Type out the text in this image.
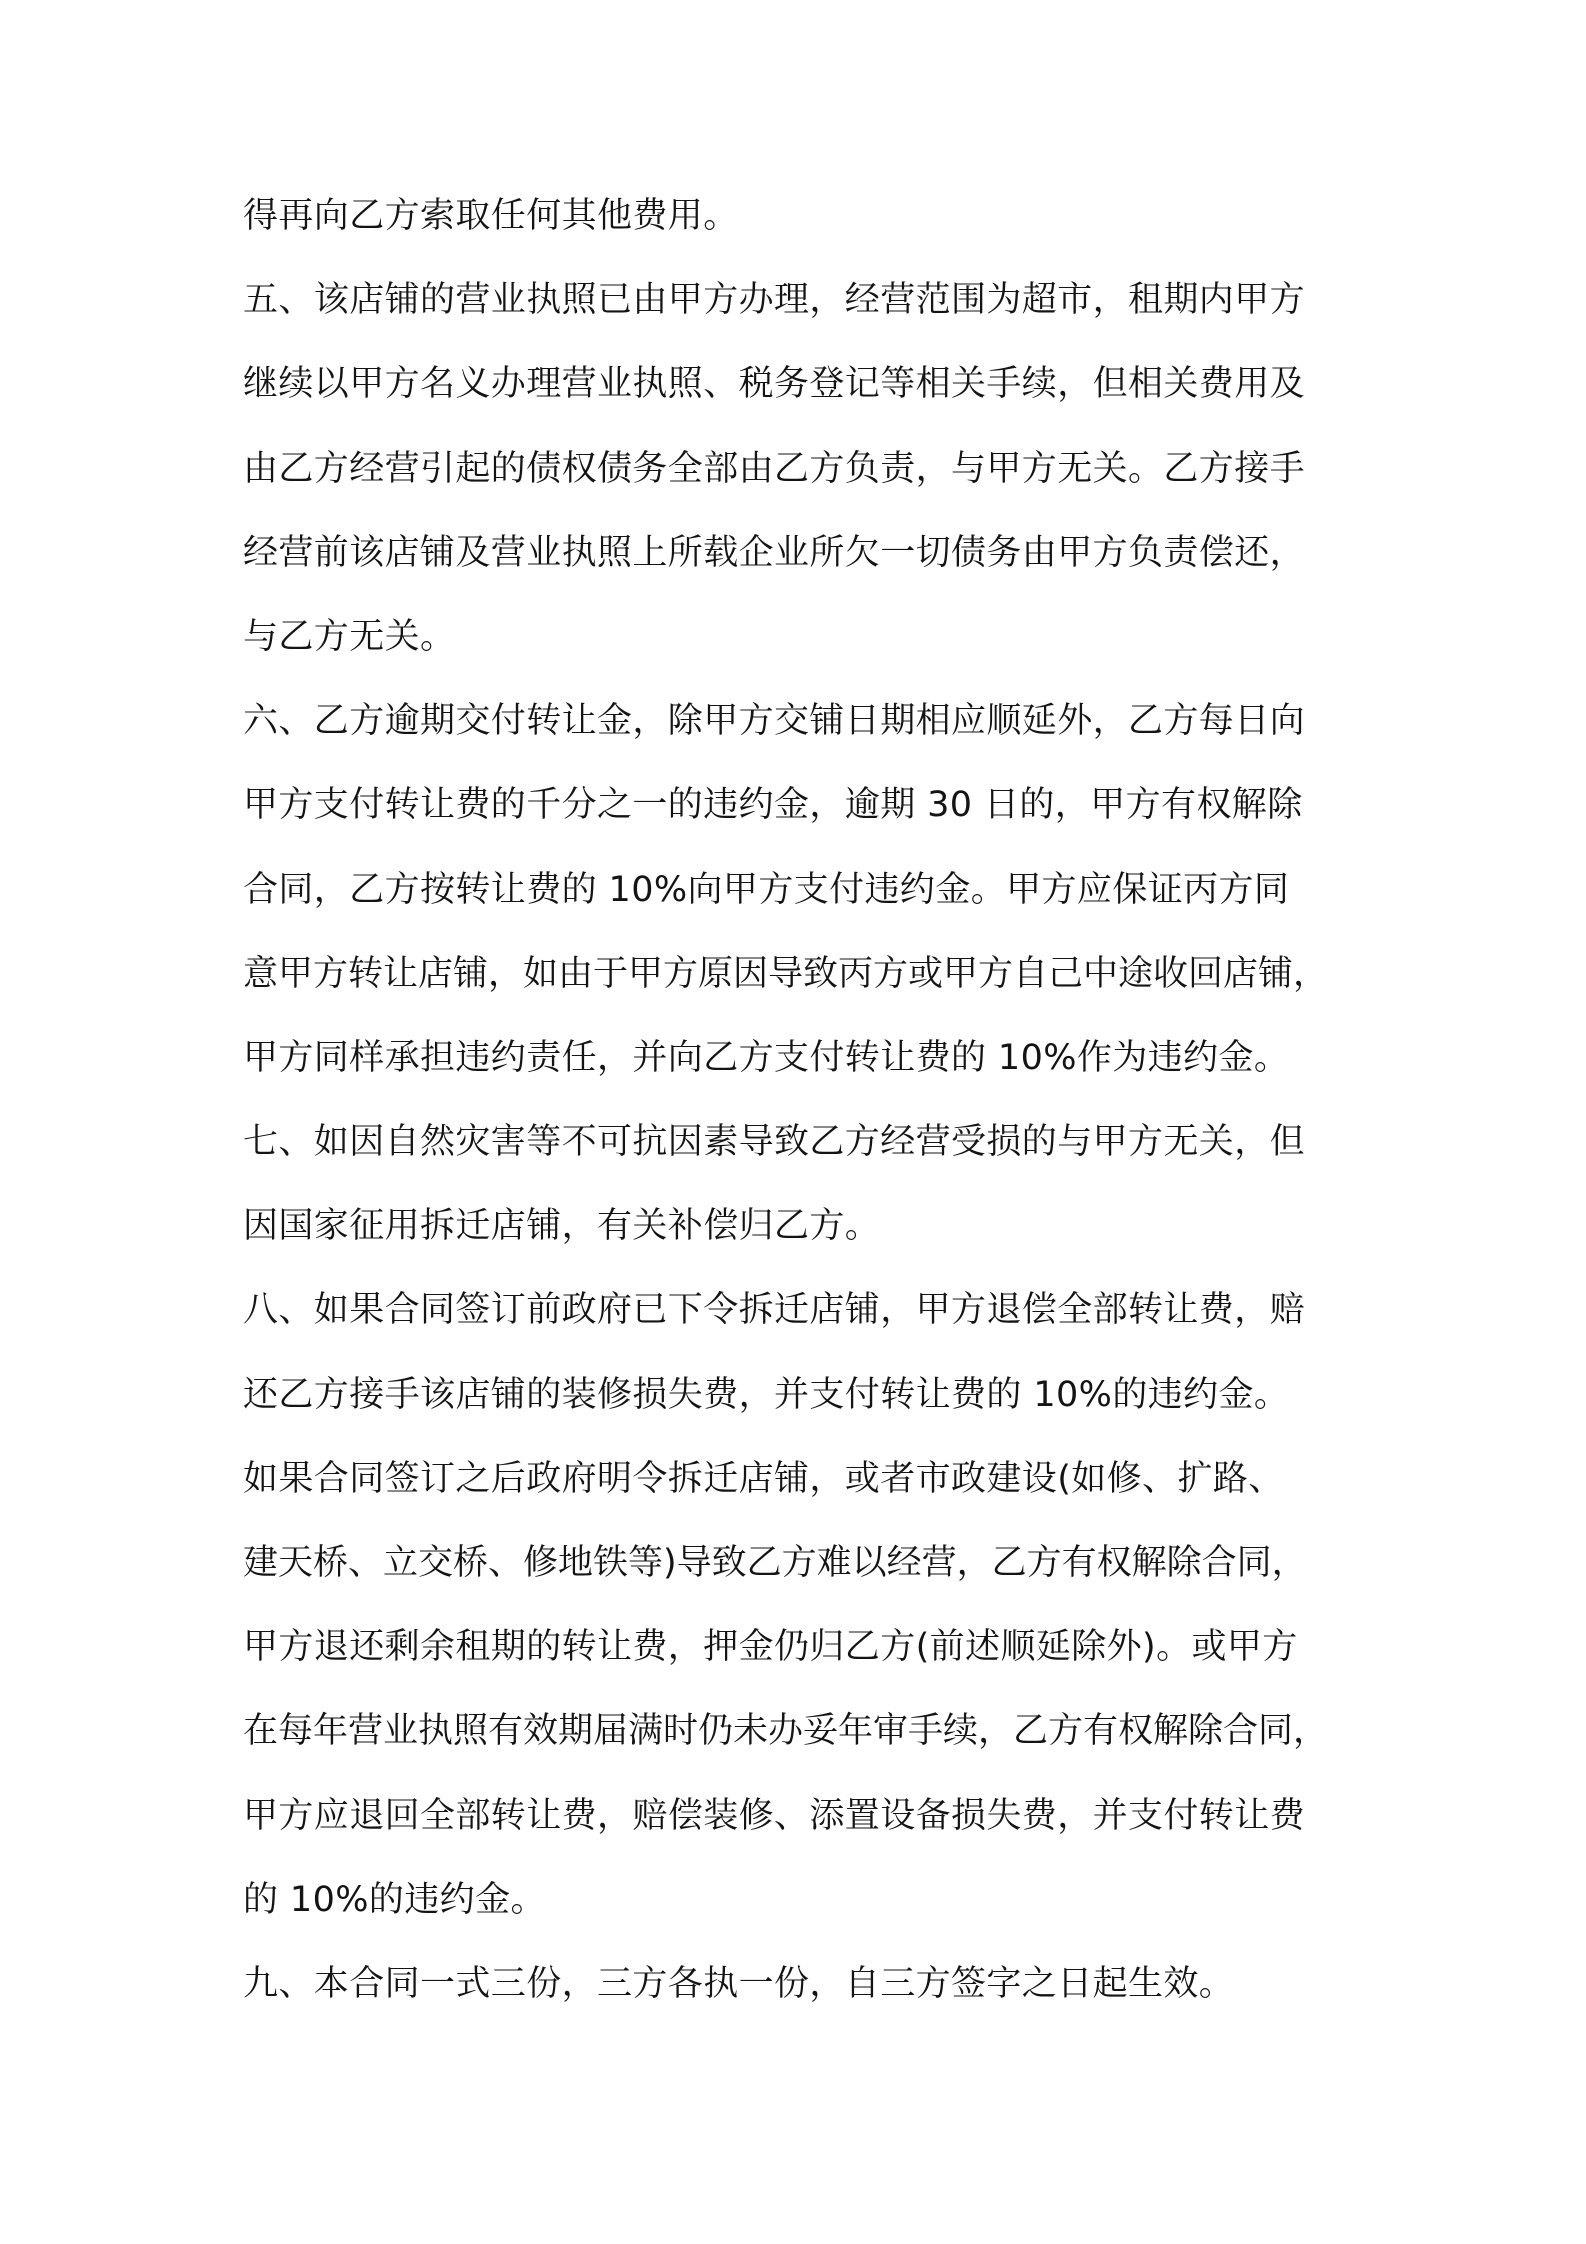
得再向乙方索取任何其他费用。
五、该店铺的营业执照已由甲方办理，经营范围为超市，租期内甲方
继续以甲方名义办理营业执照、税务登记等相关手续，但相关费用及
由乙方经营引起的债权债务全部由乙方负责，与甲方无关。乙方接手
经营前该店铺及营业执照上所载企业所欠一切债务由甲方负责偿还，
与乙方无关。
六、乙方逾期交付转让金，除甲方交铺日期相应顺延外，乙方每日向
甲方支付转让费的千分之一的违约金，逾期 30 日的，甲方有权解除
合同，乙方按转让费的 10%向甲方支付违约金。甲方应保证丙方同
意甲方转让店铺，如由于甲方原因导致丙方或甲方自己中途收回店铺，
甲方同样承担违约责任，并向乙方支付转让费的 10%作为违约金。
七、如因自然灾害等不可抗因素导致乙方经营受损的与甲方无关，但
因国家征用拆迁店铺，有关补偿归乙方。
八、如果合同签订前政府已下令拆迁店铺，甲方退偿全部转让费，赔
还乙方接手该店铺的装修损失费，并支付转让费的 10%的违约金。
如果合同签订之后政府明令拆迁店铺，或者市政建设(如修、扩路、
建天桥、立交桥、修地铁等)导致乙方难以经营，乙方有权解除合同，
甲方退还剩余租期的转让费，押金仍归乙方(前述顺延除外)。或甲方
在每年营业执照有效期届满时仍未办妥年审手续，乙方有权解除合同，
甲方应退回全部转让费，赔偿装修、添置设备损失费，并支付转让费
的 10%的违约金。
九、本合同一式三份，三方各执一份，自三方签字之日起生效。
